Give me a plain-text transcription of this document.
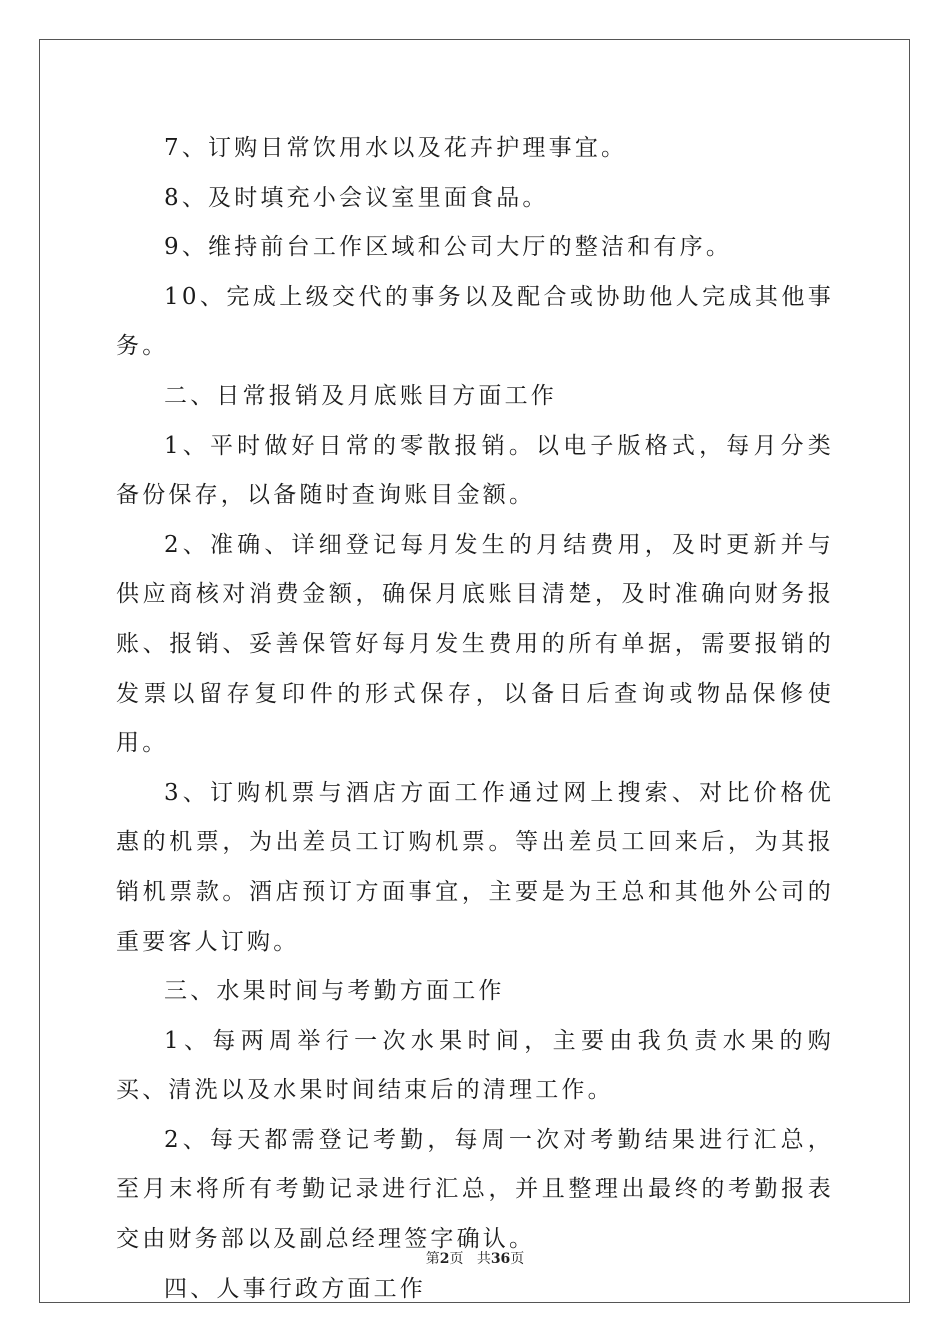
7、订购日常饮用水以及花卉护理事宜。

8、及时填充小会议室里面食品。

9、维持前台工作区域和公司大厅的整洁和有序。

10、完成上级交代的事务以及配合或协助他人完成其他事务。

二、日常报销及月底账目方面工作

1、平时做好日常的零散报销。以电子版格式，每月分类备份保存，以备随时查询账目金额。

2、准确、详细登记每月发生的月结费用，及时更新并与供应商核对消费金额，确保月底账目清楚，及时准确向财务报账、报销、妥善保管好每月发生费用的所有单据，需要报销的发票以留存复印件的形式保存，以备日后查询或物品保修使用。

3、订购机票与酒店方面工作通过网上搜索、对比价格优惠的机票，为出差员工订购机票。等出差员工回来后，为其报销机票款。酒店预订方面事宜，主要是为王总和其他外公司的重要客人订购。

三、水果时间与考勤方面工作

1、每两周举行一次水果时间，主要由我负责水果的购买、清洗以及水果时间结束后的清理工作。

2、每天都需登记考勤，每周一次对考勤结果进行汇总，至月末将所有考勤记录进行汇总，并且整理出最终的考勤报表交由财务部以及副总经理签字确认。

四、人事行政方面工作

第2页 共36页
